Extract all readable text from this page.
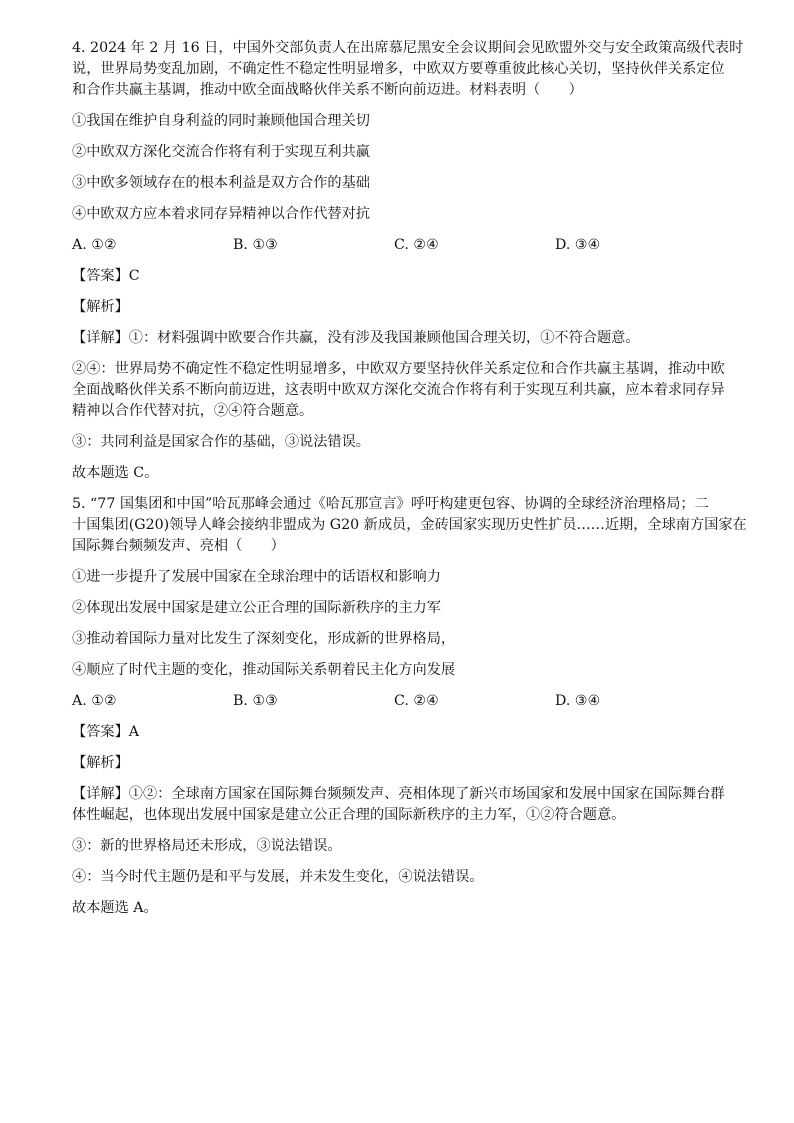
4. 2024 年 2 月 16 日，中国外交部负责人在出席慕尼黑安全会议期间会见欧盟外交与安全政策高级代表时

说，世界局势变乱加剧，不确定性不稳定性明显增多，中欧双方要尊重彼此核心关切，坚持伙伴关系定位

和合作共赢主基调，推动中欧全面战略伙伴关系不断向前迈进。材料表明（　　）

①我国在维护自身利益的同时兼顾他国合理关切

②中欧双方深化交流合作将有利于实现互利共赢

③中欧多领域存在的根本利益是双方合作的基础

④中欧双方应本着求同存异精神以合作代替对抗

A. ①②	B. ①③	C. ②④	D. ③④

【答案】C

【解析】

【详解】①：材料强调中欧要合作共赢，没有涉及我国兼顾他国合理关切，①不符合题意。

②④：世界局势不确定性不稳定性明显增多，中欧双方要坚持伙伴关系定位和合作共赢主基调，推动中欧

全面战略伙伴关系不断向前迈进，这表明中欧双方深化交流合作将有利于实现互利共赢，应本着求同存异

精神以合作代替对抗，②④符合题意。

③：共同利益是国家合作的基础，③说法错误。

故本题选 C。

5. “77 国集团和中国”哈瓦那峰会通过《哈瓦那宣言》呼吁构建更包容、协调的全球经济治理格局；二

十国集团(G20)领导人峰会接纳非盟成为 G20 新成员，金砖国家实现历史性扩员……近期，全球南方国家在

国际舞台频频发声、亮相（　　）

①进一步提升了发展中国家在全球治理中的话语权和影响力

②体现出发展中国家是建立公正合理的国际新秩序的主力军

③推动着国际力量对比发生了深刻变化，形成新的世界格局，

④顺应了时代主题的变化，推动国际关系朝着民主化方向发展

A. ①②	B. ①③	C. ②④	D. ③④

【答案】A

【解析】

【详解】①②：全球南方国家在国际舞台频频发声、亮相体现了新兴市场国家和发展中国家在国际舞台群

体性崛起，也体现出发展中国家是建立公正合理的国际新秩序的主力军，①②符合题意。

③：新的世界格局还未形成，③说法错误。

④：当今时代主题仍是和平与发展，并未发生变化，④说法错误。

故本题选 A。
